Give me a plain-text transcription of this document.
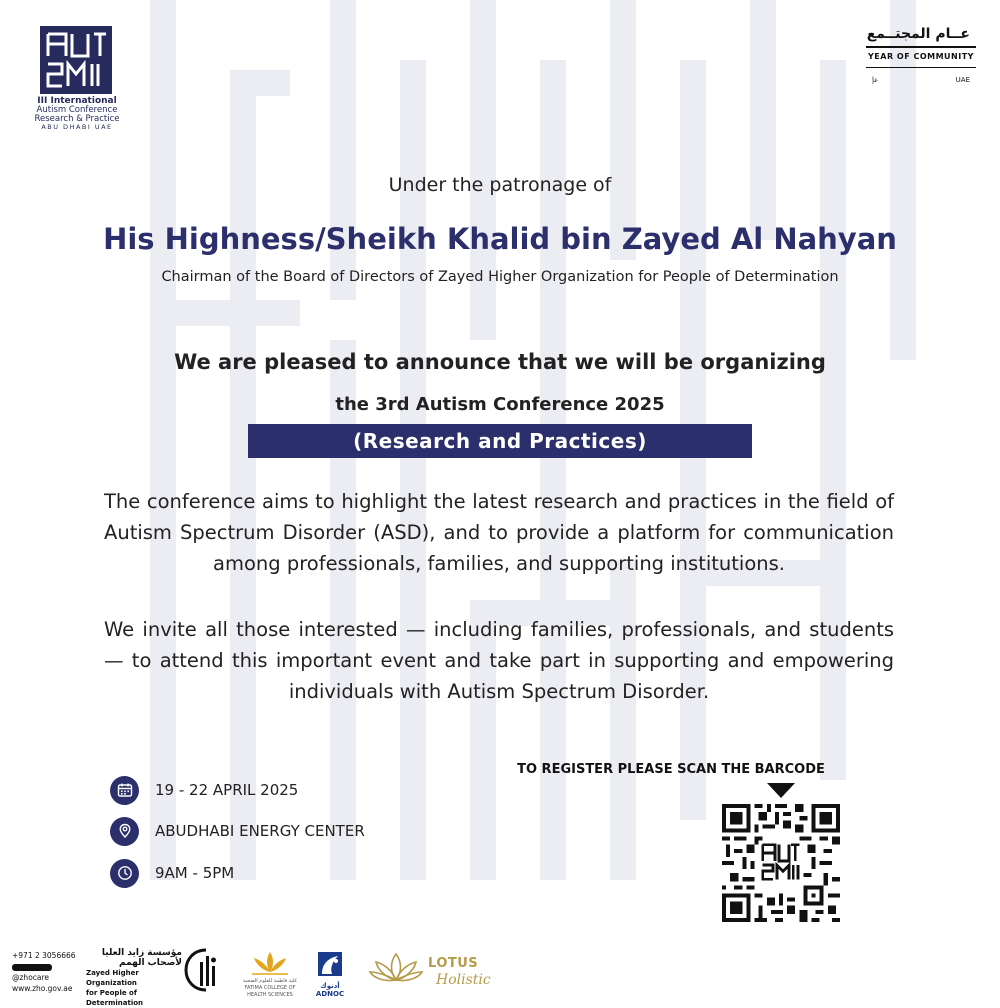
III International
Autism Conference
Research & Practice
ABU DHABI UAE
عــام المجتــمع
YEAR OF COMMUNITY
عإ	UAE
Under the patronage of
His Highness/Sheikh Khalid bin Zayed Al Nahyan
Chairman of the Board of Directors of Zayed Higher Organization for People of Determination
We are pleased to announce that we will be organizing
the 3rd Autism Conference 2025
(Research and Practices)
The conference aims to highlight the latest research and practices in the field of Autism Spectrum Disorder (ASD), and to provide a platform for communication among professionals, families, and supporting institutions.
We invite all those interested — including families, professionals, and students — to attend this important event and take part in supporting and empowering individuals with Autism Spectrum Disorder.
19 - 22 APRIL 2025
ABUDHABI ENERGY CENTER
9AM - 5PM
TO REGISTER PLEASE SCAN THE BARCODE
+971 2 3056666
@zhocare
www.zho.gov.ae
مؤسسة زايد العليا لأصحاب الهمم
Zayed Higher Organization
for People of Determination
كلية فاطمة للعلوم الصحية FATIMA COLLEGE OF HEALTH SCIENCES
أدنوك
ADNOC
LOTUS
Holistic
